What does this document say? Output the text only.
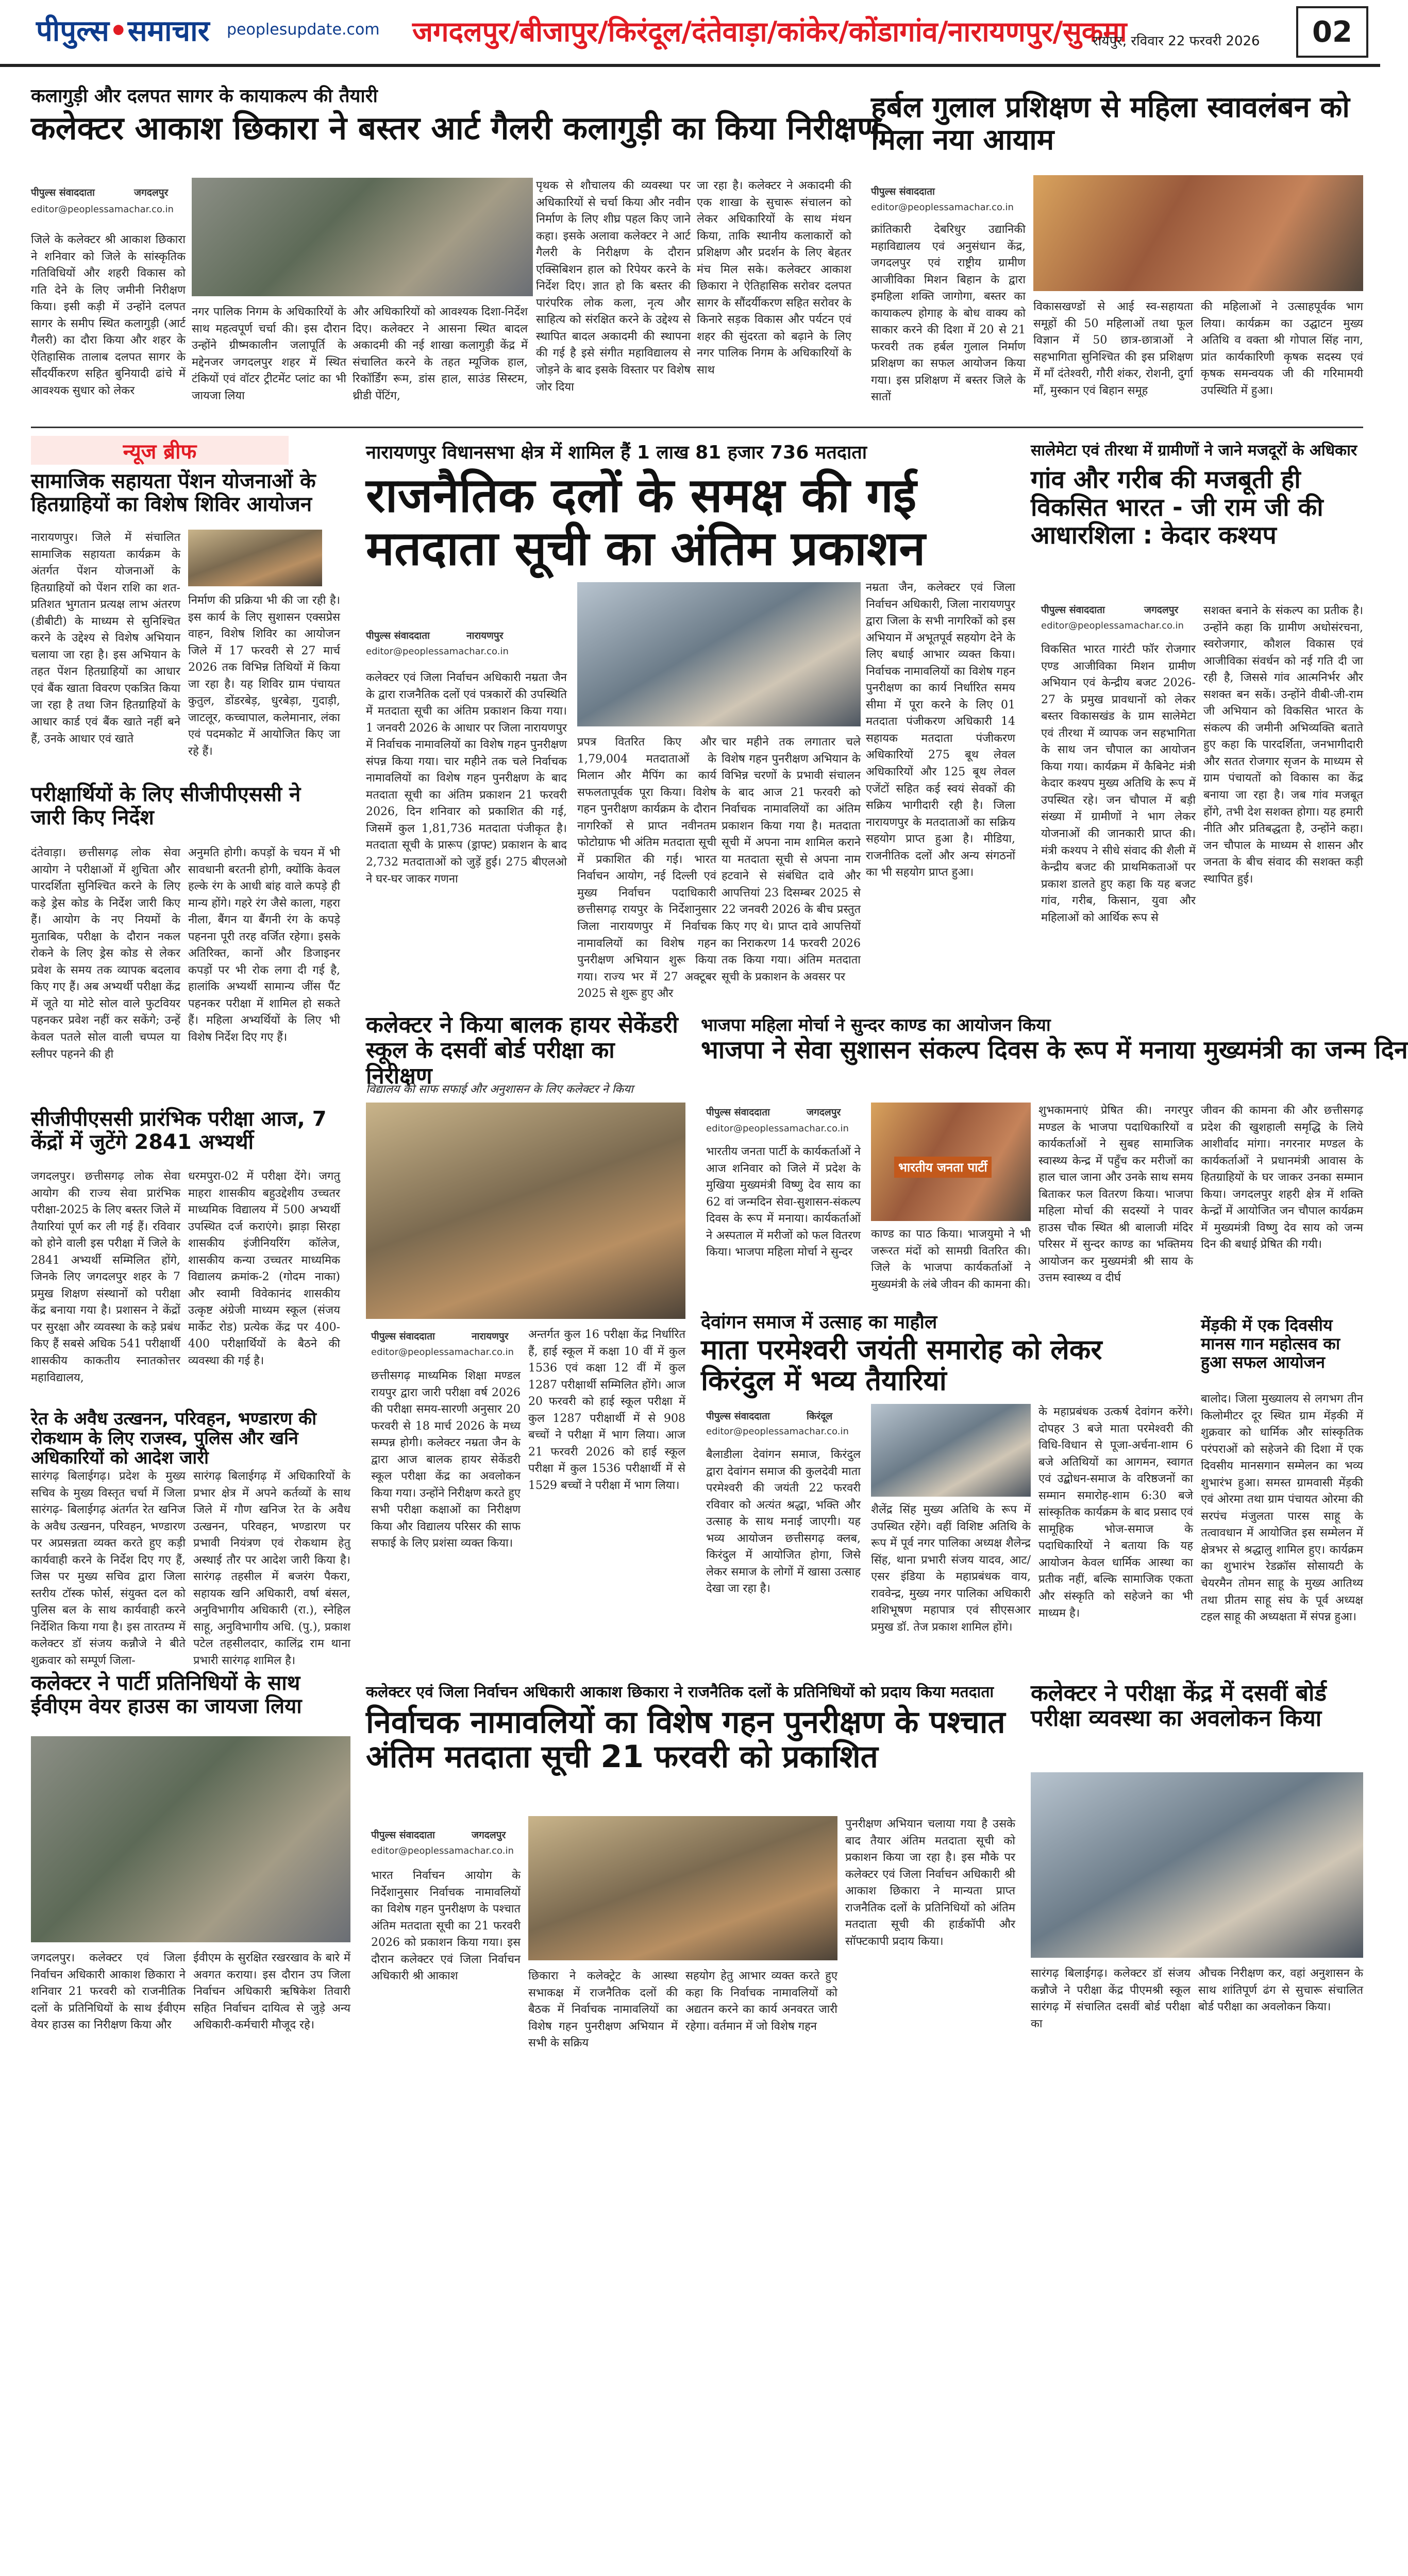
पीपुल्स•समाचार peoplesupdate.com जगदलपुर/बीजापुर/किरंदूल/दंतेवाड़ा/कांकेर/कोंडागांव/नारायणपुर/सुकमा
रायपुर, रविवार 22 फरवरी 2026	02
कलागुड़ी और दलपत सागर के कायाकल्प की तैयारी
कलेक्टर आकाश छिकारा ने बस्तर आर्ट गैलरी कलागुड़ी का किया निरीक्षण
पीपुल्स संवाददाता	जगदलपुर
editor@peoplessamachar.co.in
जिले के कलेक्टर श्री आकाश छिकारा ने शनिवार को जिले के सांस्कृतिक गतिविधियों और शहरी विकास को गति देने के लिए जमीनी निरीक्षण किया। इसी कड़ी में उन्होंने दलपत सागर के समीप स्थित कलागुड़ी (आर्ट गैलरी) का दौरा किया और शहर के ऐतिहासिक तालाब दलपत सागर के सौंदर्यीकरण सहित बुनियादी ढांचे में आवश्यक सुधार को लेकर
नगर पालिक निगम के अधिकारियों के साथ महत्वपूर्ण चर्चा की। इस दौरान उन्होंने ग्रीष्मकालीन जलापूर्ति के मद्देनजर जगदलपुर शहर में स्थित टंकियों एवं वॉटर ट्रीटमेंट प्लांट का भी जायजा लिया
और अधिकारियों को आवश्यक दिशा-निर्देश दिए। कलेक्टर ने आसना स्थित बादल अकादमी की नई शाखा कलागुड़ी केंद्र में संचालित करने के तहत म्यूजिक हाल, रिकॉर्डिंग रूम, डांस हाल, साउंड सिस्टम, थ्रीडी पेंटिंग,
पृथक से शौचालय की व्यवस्था पर अधिकारियों से चर्चा किया और नवीन निर्माण के लिए शीघ्र पहल किए जाने कहा। इसके अलावा कलेक्टर ने आर्ट गैलरी के निरीक्षण के दौरान एक्सिबिशन हाल को रिपेयर करने के निर्देश दिए। ज्ञात हो कि बस्तर की पारंपरिक लोक कला, नृत्य और साहित्य को संरक्षित करने के उद्देश्य से स्थापित बादल अकादमी की स्थापना की गई है इसे संगीत महाविद्यालय से जोड़ने के बाद इसके विस्तार पर विशेष जोर दिया
जा रहा है। कलेक्टर ने अकादमी की एक शाखा के सुचारू संचालन को लेकर अधिकारियों के साथ मंथन किया, ताकि स्थानीय कलाकारों को प्रशिक्षण और प्रदर्शन के लिए बेहतर मंच मिल सके। कलेक्टर आकाश छिकारा ने ऐतिहासिक सरोवर दलपत सागर के सौंदर्यीकरण सहित सरोवर के किनारे सड़क विकास और पर्यटन एवं शहर की सुंदरता को बढ़ाने के लिए नगर पालिक निगम के अधिकारियों के साथ
हर्बल गुलाल प्रशिक्षण से महिला स्वावलंबन को मिला नया आयाम
पीपुल्स संवाददाता
editor@peoplessamachar.co.in
क्रांतिकारी देबरिधुर उद्यानिकी महाविद्यालय एवं अनुसंधान केंद्र, जगदलपुर एवं राष्ट्रीय ग्रामीण आजीविका मिशन बिहान के द्वारा इमहिला शक्ति जागोगा, बस्तर का कायाकल्प होगाह के बोध वाक्य को साकार करने की दिशा में 20 से 21 फरवरी तक हर्बल गुलाल निर्माण प्रशिक्षण का सफल आयोजन किया गया। इस प्रशिक्षण में बस्तर जिले के सातों
विकासखण्डों से आई स्व-सहायता समूहों की 50 महिलाओं तथा फूल विज्ञान में 50 छात्र-छात्राओं ने सहभागिता सुनिश्चित की इस प्रशिक्षण में माँ दंतेश्वरी, गौरी शंकर, रोशनी, दुर्गा माँ, मुस्कान एवं बिहान समूह
की महिलाओं ने उत्साहपूर्वक भाग लिया। कार्यक्रम का उद्घाटन मुख्य अतिथि व वक्ता श्री गोपाल सिंह नाग, प्रांत कार्यकारिणी कृषक सदस्य एवं कृषक समन्वयक जी की गरिमामयी उपस्थिति में हुआ।
न्यूज ब्रीफ
सामाजिक सहायता पेंशन योजनाओं के हितग्राहियों का विशेष शिविर आयोजन
नारायणपुर। जिले में संचालित सामाजिक सहायता कार्यक्रम के अंतर्गत पेंशन योजनाओं के हितग्राहियों को पेंशन राशि का शत-प्रतिशत भुगतान प्रत्यक्ष लाभ अंतरण (डीबीटी) के माध्यम से सुनिश्चित करने के उद्देश्य से विशेष अभियान चलाया जा रहा है। इस अभियान के तहत पेंशन हितग्राहियों का आधार एवं बैंक खाता विवरण एकत्रित किया जा रहा है तथा जिन हितग्राहियों के आधार कार्ड एवं बैंक खाते नहीं बने हैं, उनके आधार एवं खाते
निर्माण की प्रक्रिया भी की जा रही है। इस कार्य के लिए सुशासन एक्सप्रेस वाहन, विशेष शिविर का आयोजन जिले में 17 फरवरी से 27 मार्च 2026 तक विभिन्न तिथियों में किया जा रहा है। यह शिविर ग्राम पंचायत कुतुल, डोंडरबेड़, धुरबेड़ा, गुदाड़ी, जाटलूर, कच्चापाल, कलेमानार, लंका एवं पदमकोट में आयोजित किए जा रहे हैं।
परीक्षार्थियों के लिए सीजीपीएससी ने जारी किए निर्देश
दंतेवाड़ा। छत्तीसगढ़ लोक सेवा आयोग ने परीक्षाओं में शुचिता और पारदर्शिता सुनिश्चित करने के लिए कड़े ड्रेस कोड के निर्देश जारी किए हैं। आयोग के नए नियमों के मुताबिक, परीक्षा के दौरान नकल रोकने के लिए ड्रेस कोड से लेकर प्रवेश के समय तक व्यापक बदलाव किए गए हैं। अब अभ्यर्थी परीक्षा केंद्र में जूते या मोटे सोल वाले फुटवियर पहनकर प्रवेश नहीं कर सकेंगे; उन्हें केवल पतले सोल वाली चप्पल या स्लीपर पहनने की ही
अनुमति होगी। कपड़ों के चयन में भी सावधानी बरतनी होगी, क्योंकि केवल हल्के रंग के आधी बांह वाले कपड़े ही मान्य होंगे। गहरे रंग जैसे काला, गहरा नीला, बैंगन या बैंगनी रंग के कपड़े पहनना पूरी तरह वर्जित रहेगा। इसके अतिरिक्त, कानों और डिजाइनर कपड़ों पर भी रोक लगा दी गई है, हालांकि अभ्यर्थी सामान्य जींस पैंट पहनकर परीक्षा में शामिल हो सकते हैं। महिला अभ्यर्थियों के लिए भी विशेष निर्देश दिए गए हैं।
सीजीपीएससी प्रारंभिक परीक्षा आज, 7 केंद्रों में जुटेंगे 2841 अभ्यर्थी
जगदलपुर। छत्तीसगढ़ लोक सेवा आयोग की राज्य सेवा प्रारंभिक परीक्षा-2025 के लिए बस्तर जिले में तैयारियां पूर्ण कर ली गई हैं। रविवार को होने वाली इस परीक्षा में जिले के 2841 अभ्यर्थी सम्मिलित होंगे, जिनके लिए जगदलपुर शहर के 7 प्रमुख शिक्षण संस्थानों को परीक्षा केंद्र बनाया गया है। प्रशासन ने केंद्रों पर सुरक्षा और व्यवस्था के कड़े प्रबंध किए हैं सबसे अधिक 541 परीक्षार्थी शासकीय काकतीय स्नातकोत्तर महाविद्यालय,
धरमपुरा-02 में परीक्षा देंगे। जगतु माहरा शासकीय बहुउद्देशीय उच्चतर माध्यमिक विद्यालय में 500 अभ्यर्थी उपस्थित दर्ज कराएंगे। झाड़ा सिरहा शासकीय इंजीनियरिंग कॉलेज, शासकीय कन्या उच्चतर माध्यमिक विद्यालय क्रमांक-2 (गोदम नाका) और स्वामी विवेकानंद शासकीय उत्कृष्ट अंग्रेजी माध्यम स्कूल (संजय मार्केट रोड) प्रत्येक केंद्र पर 400-400 परीक्षार्थियों के बैठने की व्यवस्था की गई है।
नारायणपुर विधानसभा क्षेत्र में शामिल हैं 1 लाख 81 हजार 736 मतदाता
राजनैतिक दलों के समक्ष की गई मतदाता सूची का अंतिम प्रकाशन
पीपुल्स संवाददाता	नारायणपुर
editor@peoplessamachar.co.in
कलेक्टर एवं जिला निर्वाचन अधिकारी नम्रता जैन के द्वारा राजनैतिक दलों एवं पत्रकारों की उपस्थिति में मतदाता सूची का अंतिम प्रकाशन किया गया। 1 जनवरी 2026 के आधार पर जिला नारायणपुर में निर्वाचक नामावलियों का विशेष गहन पुनरीक्षण संपन्न किया गया। चार महीने तक चले निर्वाचक नामावलियों का विशेष गहन पुनरीक्षण के बाद मतदाता सूची का अंतिम प्रकाशन 21 फरवरी 2026, दिन शनिवार को प्रकाशित की गई, जिसमें कुल 1,81,736 मतदाता पंजीकृत है। मतदाता सूची के प्रारूप (ड्राफ्ट) प्रकाशन के बाद 2,732 मतदाताओं को जुड़ें हुई। 275 बीएलओ ने घर-घर जाकर गणना
प्रपत्र वितरित किए और 1,79,004 मतदाताओं के मिलान और मैपिंग का कार्य सफलतापूर्वक पूरा किया। विशेष गहन पुनरीक्षण कार्यक्रम के दौरान नागरिकों से प्राप्त नवीनतम फोटोग्राफ भी अंतिम मतदाता सूची में प्रकाशित की गई। भारत निर्वाचन आयोग, नई दिल्ली एवं मुख्य निर्वाचन पदाधिकारी छत्तीसगढ़ रायपुर के निर्देशानुसार जिला नारायणपुर में निर्वाचक नामावलियों का विशेष गहन पुनरीक्षण अभियान शुरू किया गया। राज्य भर में 27 अक्टूबर 2025 से शुरू हुए और
चार महीने तक लगातार चले विशेष गहन पुनरीक्षण अभियान के विभिन्न चरणों के प्रभावी संचालन के बाद आज 21 फरवरी को निर्वाचक नामावलियों का अंतिम प्रकाशन किया गया है। मतदाता सूची में अपना नाम शामिल कराने या मतदाता सूची से अपना नाम हटवाने से संबंधित दावे और आपत्तियां 23 दिसम्बर 2025 से 22 जनवरी 2026 के बीच प्रस्तुत किए गए थे। प्राप्त दावे आपत्तियों का निराकरण 14 फरवरी 2026 तक किया गया। अंतिम मतदाता सूची के प्रकाशन के अवसर पर
नम्रता जैन, कलेक्टर एवं जिला निर्वाचन अधिकारी, जिला नारायणपुर द्वारा जिला के सभी नागरिकों को इस अभियान में अभूतपूर्व सहयोग देने के लिए बधाई आभार व्यक्त किया। निर्वाचक नामावलियों का विशेष गहन पुनरीक्षण का कार्य निर्धारित समय सीमा में पूरा करने के लिए 01 मतदाता पंजीकरण अधिकारी 14 सहायक मतदाता पंजीकरण अधिकारियों 275 बूथ लेवल अधिकारियों और 125 बूथ लेवल एजेंटों सहित कई स्वयं सेवकों की सक्रिय भागीदारी रही है। जिला नारायणपुर के मतदाताओं का सक्रिय सहयोग प्राप्त हुआ है। मीडिया, राजनीतिक दलों और अन्य संगठनों का भी सहयोग प्राप्त हुआ।
सालेमेटा एवं तीरथा में ग्रामीणों ने जाने मजदूरों के अधिकार
गांव और गरीब की मजबूती ही विकसित भारत - जी राम जी की आधारशिला : केदार कश्यप
पीपुल्स संवाददाता	जगदलपुर
editor@peoplessamachar.co.in
विकसित भारत गारंटी फॉर रोजगार एण्ड आजीविका मिशन ग्रामीण अभियान एवं केन्द्रीय बजट 2026-27 के प्रमुख प्रावधानों को लेकर बस्तर विकासखंड के ग्राम सालेमेटा एवं तीरथा में व्यापक जन सहभागिता के साथ जन चौपाल का आयोजन किया गया। कार्यक्रम में कैबिनेट मंत्री केदार कश्यप मुख्य अतिथि के रूप में उपस्थित रहे। जन चौपाल में बड़ी संख्या में ग्रामीणों ने भाग लेकर योजनाओं की जानकारी प्राप्त की। मंत्री कश्यप ने सीधे संवाद की शैली में केन्द्रीय बजट की प्राथमिकताओं पर प्रकाश डालते हुए कहा कि यह बजट गांव, गरीब, किसान, युवा और महिलाओं को आर्थिक रूप से
सशक्त बनाने के संकल्प का प्रतीक है। उन्होंने कहा कि ग्रामीण अधोसंरचना, स्वरोजगार, कौशल विकास एवं आजीविका संवर्धन को नई गति दी जा रही है, जिससे गांव आत्मनिर्भर और सशक्त बन सकें। उन्होंने वीबी-जी-राम जी अभियान को विकसित भारत के संकल्प की जमीनी अभिव्यक्ति बताते हुए कहा कि पारदर्शिता, जनभागीदारी और सतत रोजगार सृजन के माध्यम से ग्राम पंचायतों को विकास का केंद्र बनाया जा रहा है। जब गांव मजबूत होंगे, तभी देश सशक्त होगा। यह हमारी नीति और प्रतिबद्धता है, उन्होंने कहा। जन चौपाल के माध्यम से शासन और जनता के बीच संवाद की सशक्त कड़ी स्थापित हुई।
कलेक्टर ने किया बालक हायर सेकेंडरी स्कूल के दसवीं बोर्ड परीक्षा का निरीक्षण
विद्यालय की साफ सफाई और अनुशासन के लिए कलेक्टर ने किया
पीपुल्स संवाददाता	नारायणपुर
editor@peoplessamachar.co.in
छत्तीसगढ़ माध्यमिक शिक्षा मण्डल रायपुर द्वारा जारी परीक्षा वर्ष 2026 की परीक्षा समय-सारणी अनुसार 20 फरवरी से 18 मार्च 2026 के मध्य सम्पन्न होगी। कलेक्टर नम्रता जैन के द्वारा आज बालक हायर सेकेंडरी स्कूल परीक्षा केंद्र का अवलोकन किया गया। उन्होंने निरीक्षण करते हुए सभी परीक्षा कक्षाओं का निरीक्षण किया और विद्यालय परिसर की साफ सफाई के लिए प्रशंसा व्यक्त किया।
अन्तर्गत कुल 16 परीक्षा केंद्र निर्धारित हैं, हाई स्कूल में कक्षा 10 वीं में कुल 1536 एवं कक्षा 12 वीं में कुल 1287 परीक्षार्थी सम्मिलित होंगे। आज 20 फरवरी को हाई स्कूल परीक्षा में कुल 1287 परीक्षार्थी में से 908 बच्चों ने परीक्षा में भाग लिया। आज 21 फरवरी 2026 को हाई स्कूल परीक्षा में कुल 1536 परीक्षार्थी में से 1529 बच्चों ने परीक्षा में भाग लिया।
भाजपा महिला मोर्चा ने सुन्दर काण्ड का आयोजन किया
भाजपा ने सेवा सुशासन संकल्प दिवस के रूप में मनाया मुख्यमंत्री का जन्म दिन
पीपुल्स संवाददाता	जगदलपुर
editor@peoplessamachar.co.in
भारतीय जनता पार्टी के कार्यकर्ताओं ने आज शनिवार को जिले में प्रदेश के मुखिया मुख्यमंत्री विष्णु देव साय का 62 वां जन्मदिन सेवा-सुशासन-संकल्प दिवस के रूप में मनाया। कार्यकर्ताओं ने अस्पताल में मरीजों को फल वितरण किया। भाजपा महिला मोर्चा ने सुन्दर
भारतीय जनता पार्टी
काण्ड का पाठ किया। भाजयुमो ने भी जरूरत मंदों को सामग्री वितरित की। जिले के भाजपा कार्यकर्ताओं ने मुख्यमंत्री के लंबे जीवन की कामना की।
शुभकामनाएं प्रेषित की। नगरपुर मण्डल के भाजपा पदाधिकारियों व कार्यकर्ताओं ने सुबह सामाजिक स्वास्थ्य केन्द्र में पहुँच कर मरीजों का हाल चाल जाना और उनके साथ समय बिताकर फल वितरण किया। भाजपा महिला मोर्चा की सदस्यों ने पावर हाउस चौक स्थित श्री बालाजी मंदिर परिसर में सुन्दर काण्ड का भक्तिमय आयोजन कर मुख्यमंत्री श्री साय के उत्तम स्वास्थ्य व दीर्घ
जीवन की कामना की और छत्तीसगढ़ प्रदेश की खुशहाली समृद्धि के लिये आशीर्वाद मांगा। नगरनार मण्डल के कार्यकर्ताओं ने प्रधानमंत्री आवास के हितग्राहियों के घर जाकर उनका सम्मान किया। जगदलपुर शहरी क्षेत्र में शक्ति केन्द्रों में आयोजित जन चौपाल कार्यक्रम में मुख्यमंत्री विष्णु देव साय को जन्म दिन की बधाई प्रेषित की गयी।
देवांगन समाज में उत्साह का माहौल
माता परमेश्वरी जयंती समारोह को लेकर किरंदुल में भव्य तैयारियां
पीपुल्स संवाददाता	किरंदूल
editor@peoplessamachar.co.in
बैलाडीला देवांगन समाज, किरंदुल द्वारा देवांगन समाज की कुलदेवी माता परमेश्वरी की जयंती 22 फरवरी रविवार को अत्यंत श्रद्धा, भक्ति और उत्साह के साथ मनाई जाएगी। यह भव्य आयोजन छत्तीसगढ़ क्लब, किरंदुल में आयोजित होगा, जिसे लेकर समाज के लोगों में खासा उत्साह देखा जा रहा है।
शैलेंद्र सिंह मुख्य अतिथि के रूप में उपस्थित रहेंगे। वहीं विशिष्ट अतिथि के रूप में पूर्व नगर पालिका अध्यक्ष शैलेन्द्र सिंह, थाना प्रभारी संजय यादव, आट/एसर इंडिया के महाप्रबंधक वाय, राववेन्द्र, मुख्य नगर पालिका अधिकारी शशिभूषण महापात्र एवं सीएसआर प्रमुख डॉ. तेज प्रकाश शामिल होंगे।
के महाप्रबंधक उत्कर्ष देवांगन करेंगे। दोपहर 3 बजे माता परमेश्वरी की विधि-विधान से पूजा-अर्चना-शाम 6 बजे अतिथियों का आगमन, स्वागत एवं उद्बोधन-समाज के वरिष्ठजनों का सम्मान समारोह-शाम 6:30 बजे सांस्कृतिक कार्यक्रम के बाद प्रसाद एवं सामूहिक भोज-समाज के पदाधिकारियों ने बताया कि यह आयोजन केवल धार्मिक आस्था का प्रतीक नहीं, बल्कि सामाजिक एकता और संस्कृति को सहेजने का भी माध्यम है।
मेंड़की में एक दिवसीय मानस गान महोत्सव का हुआ सफल आयोजन
बालोद। जिला मुख्यालय से लगभग तीन किलोमीटर दूर स्थित ग्राम मेंड़की में शुक्रवार को धार्मिक और सांस्कृतिक परंपराओं को सहेजने की दिशा में एक दिवसीय मानसगान सम्मेलन का भव्य शुभारंभ हुआ। समस्त ग्रामवासी मेंड़की एवं ओरमा तथा ग्राम पंचायत ओरमा की सरपंच मंजुलता पारस साहू के तत्वावधान में आयोजित इस सम्मेलन में क्षेत्रभर से श्रद्धालु शामिल हुए। कार्यक्रम का शुभारंभ रेडक्रॉस सोसायटी के चेयरमैन तोमन साहू के मुख्य आतिथ्य तथा प्रीतम साहू संघ के पूर्व अध्यक्ष टहल साहू की अध्यक्षता में संपन्न हुआ।
रेत के अवैध उत्खनन, परिवहन, भण्डारण की रोकथाम के लिए राजस्व, पुलिस और खनि अधिकारियों को आदेश जारी
सारंगढ़ बिलाईगढ़। प्रदेश के मुख्य सचिव के मुख्य विस्तृत चर्चा में जिला सारंगढ़- बिलाईगढ़ अंतर्गत रेत खनिज के अवैध उत्खनन, परिवहन, भण्डारण पर अप्रसन्नता व्यक्त करते हुए कड़ी कार्यवाही करने के निर्देश दिए गए हैं, जिस पर मुख्य सचिव द्वारा जिला स्तरीय टॉस्क फोर्स, संयुक्त दल को पुलिस बल के साथ कार्यवाही करने निर्देशित किया गया है। इस तारतम्य में कलेक्टर डॉ संजय कन्नौजे ने बीते शुक्रवार को सम्पूर्ण जिला-
सारंगढ़ बिलाईगढ़ में अधिकारियों के प्रभार क्षेत्र में अपने कर्तव्यों के साथ जिले में गौण खनिज रेत के अवैध उत्खनन, परिवहन, भण्डारण पर प्रभावी नियंत्रण एवं रोकथाम हेतु अस्थाई तौर पर आदेश जारी किया है। सारंगढ़ तहसील में बजरंग पैकरा, सहायक खनि अधिकारी, वर्षा बंसल, अनुविभागीय अधिकारी (रा.), स्नेहिल साहू, अनुविभागीय अधि. (पु.), प्रकाश पटेल तहसीलदार, कालिंद्र राम थाना प्रभारी सारंगढ़ शामिल है।
कलेक्टर ने पार्टी प्रतिनिधियों के साथ ईवीएम वेयर हाउस का जायजा लिया
जगदलपुर। कलेक्टर एवं जिला निर्वाचन अधिकारी आकाश छिकारा ने शनिवार 21 फरवरी को राजनीतिक दलों के प्रतिनिधियों के साथ ईवीएम वेयर हाउस का निरीक्षण किया और
ईवीएम के सुरक्षित रखरखाव के बारे में अवगत कराया। इस दौरान उप जिला निर्वाचन अधिकारी ऋषिकेश तिवारी सहित निर्वाचन दायित्व से जुड़े अन्य अधिकारी-कर्मचारी मौजूद रहे।
कलेक्टर एवं जिला निर्वाचन अधिकारी आकाश छिकारा ने राजनैतिक दलों के प्रतिनिधियों को प्रदाय किया मतदाता
निर्वाचक नामावलियों का विशेष गहन पुनरीक्षण के पश्चात अंतिम मतदाता सूची 21 फरवरी को प्रकाशित
पीपुल्स संवाददाता	जगदलपुर
editor@peoplessamachar.co.in
भारत निर्वाचन आयोग के निर्देशानुसार निर्वाचक नामावलियों का विशेष गहन पुनरीक्षण के पश्चात अंतिम मतदाता सूची का 21 फरवरी 2026 को प्रकाशन किया गया। इस दौरान कलेक्टर एवं जिला निर्वाचन अधिकारी श्री आकाश	छिकारा ने कलेक्ट्रेट के आस्था सभाकक्ष में राजनैतिक दलों की बैठक में निर्वाचक नामावलियों का विशेष गहन पुनरीक्षण अभियान में सभी के सक्रिय
सहयोग हेतु आभार व्यक्त करते हुए कहा कि निर्वाचक नामावलियों को अद्यतन करने का कार्य अनवरत जारी रहेगा। वर्तमान में जो विशेष गहन
पुनरीक्षण अभियान चलाया गया है उसके बाद तैयार अंतिम मतदाता सूची को प्रकाशन किया जा रहा है। इस मौके पर कलेक्टर एवं जिला निर्वाचन अधिकारी श्री आकाश छिकारा ने मान्यता प्राप्त राजनैतिक दलों के प्रतिनिधियों को अंतिम मतदाता सूची की हार्डकॉपी और सॉफ्टकापी प्रदाय किया।
कलेक्टर ने परीक्षा केंद्र में दसवीं बोर्ड परीक्षा व्यवस्था का अवलोकन किया
सारंगढ़ बिलाईगढ़। कलेक्टर डॉ संजय कन्नौजे ने परीक्षा केंद्र पीएमश्री स्कूल सारंगढ़ में संचालित दसवीं बोर्ड परीक्षा का
औचक निरीक्षण कर, वहां अनुशासन के साथ शांतिपूर्ण ढंग से सुचारू संचालित बोर्ड परीक्षा का अवलोकन किया।
